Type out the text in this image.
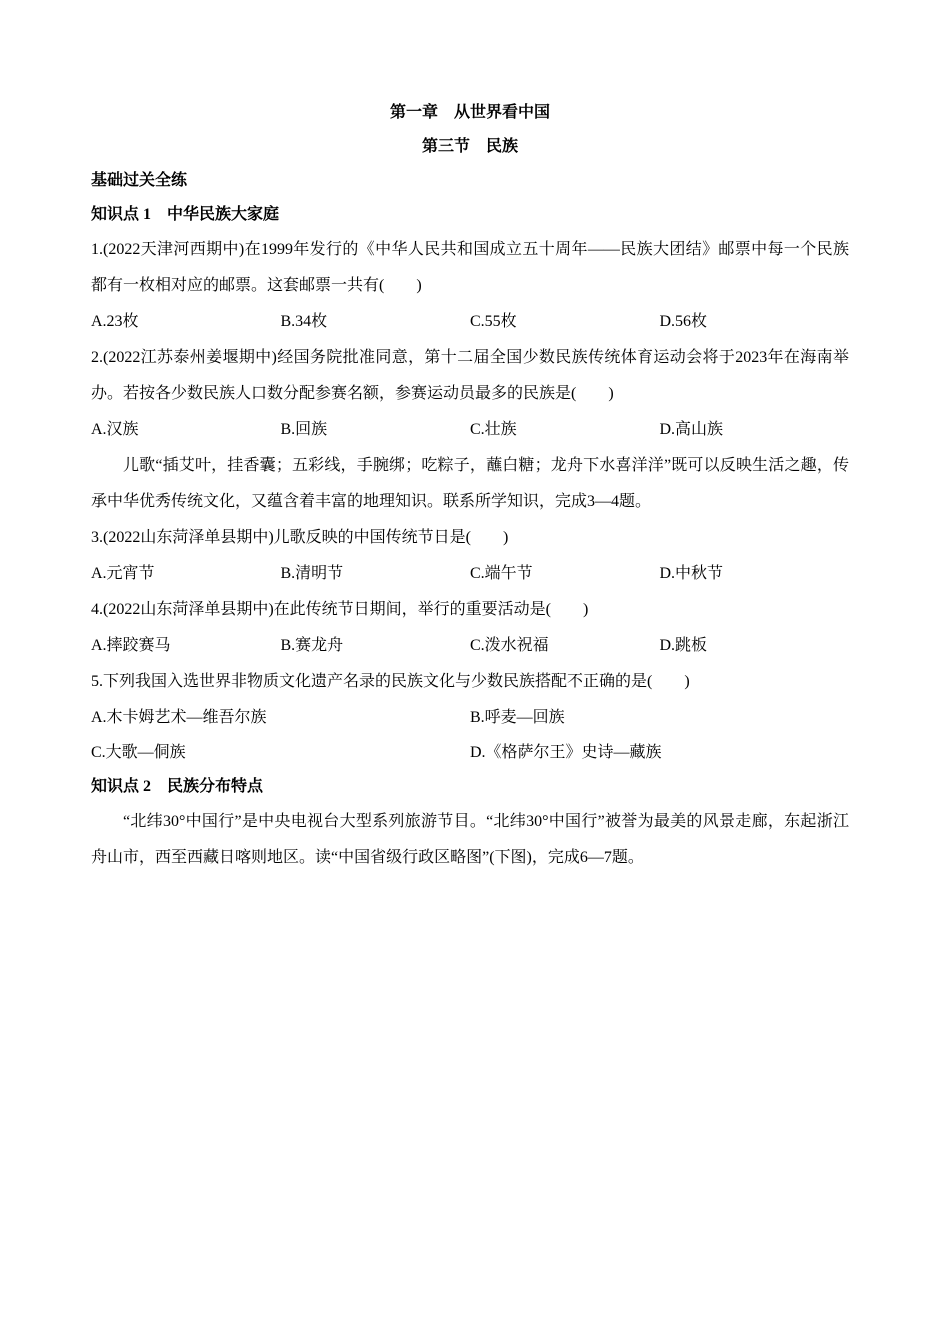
第一章　从世界看中国
第三节　民族
基础过关全练
知识点 1　中华民族大家庭
1.(2022天津河西期中)在1999年发行的《中华人民共和国成立五十周年——民族大团结》邮票中每一个民族都有一枚相对应的邮票。这套邮票一共有(　　)
A.23枚	B.34枚	C.55枚	D.56枚
2.(2022江苏泰州姜堰期中)经国务院批准同意，第十二届全国少数民族传统体育运动会将于2023年在海南举办。若按各少数民族人口数分配参赛名额，参赛运动员最多的民族是(　　)
A.汉族	B.回族	C.壮族	D.高山族
儿歌“插艾叶，挂香囊；五彩线，手腕绑；吃粽子，蘸白糖；龙舟下水喜洋洋”既可以反映生活之趣，传承中华优秀传统文化，又蕴含着丰富的地理知识。联系所学知识，完成3—4题。
3.(2022山东菏泽单县期中)儿歌反映的中国传统节日是(　　)
A.元宵节	B.清明节	C.端午节	D.中秋节
4.(2022山东菏泽单县期中)在此传统节日期间，举行的重要活动是(　　)
A.摔跤赛马	B.赛龙舟	C.泼水祝福	D.跳板
5.下列我国入选世界非物质文化遗产名录的民族文化与少数民族搭配不正确的是(　　)
A.木卡姆艺术—维吾尔族	B.呼麦—回族
C.大歌—侗族	D.《格萨尔王》史诗—藏族
知识点 2　民族分布特点
“北纬30°中国行”是中央电视台大型系列旅游节目。“北纬30°中国行”被誉为最美的风景走廊，东起浙江舟山市，西至西藏日喀则地区。读“中国省级行政区略图”(下图)，完成6—7题。
